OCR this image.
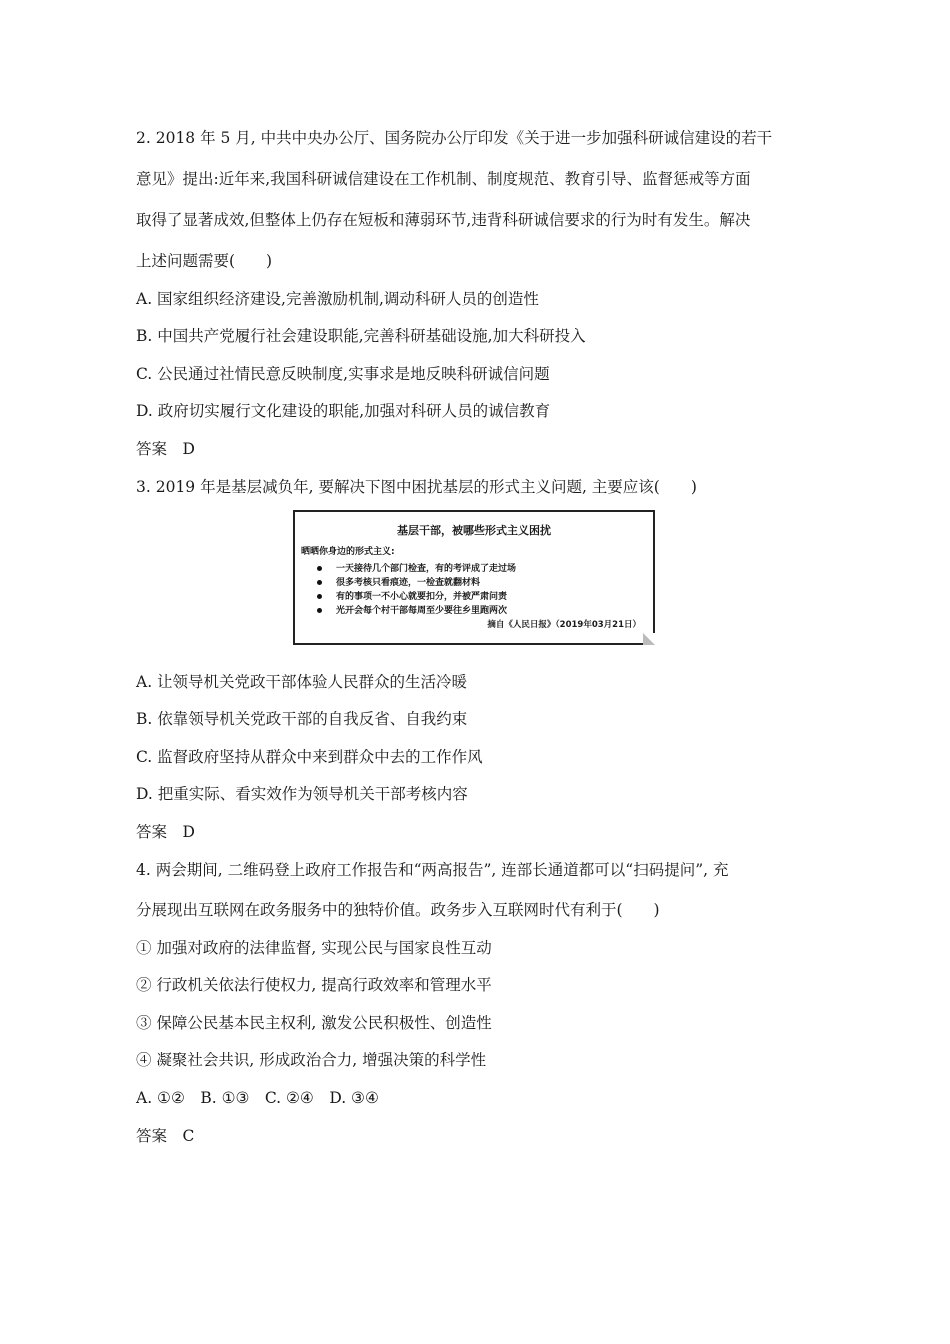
2. 2018 年 5 月, 中共中央办公厅、国务院办公厅印发《关于进一步加强科研诚信建设的若干
意见》提出:近年来,我国科研诚信建设在工作机制、制度规范、教育引导、监督惩戒等方面
取得了显著成效,但整体上仍存在短板和薄弱环节,违背科研诚信要求的行为时有发生。解决
上述问题需要(　　)
A. 国家组织经济建设,完善激励机制,调动科研人员的创造性
B. 中国共产党履行社会建设职能,完善科研基础设施,加大科研投入
C. 公民通过社情民意反映制度,实事求是地反映科研诚信问题
D. 政府切实履行文化建设的职能,加强对科研人员的诚信教育
答案　D
3. 2019 年是基层减负年, 要解决下图中困扰基层的形式主义问题, 主要应该(　　)
基层干部，被哪些形式主义困扰
晒晒你身边的形式主义:
一天接待几个部门检查，有的考评成了走过场
很多考核只看痕迹，一检查就翻材料
有的事项一不小心就要扣分，并被严肃问责
光开会每个村干部每周至少要往乡里跑两次
摘自《人民日报》（2019年03月21日）
A. 让领导机关党政干部体验人民群众的生活冷暖
B. 依靠领导机关党政干部的自我反省、自我约束
C. 监督政府坚持从群众中来到群众中去的工作作风
D. 把重实际、看实效作为领导机关干部考核内容
答案　D
4. 两会期间, 二维码登上政府工作报告和“两高报告”, 连部长通道都可以“扫码提问”, 充
分展现出互联网在政务服务中的独特价值。政务步入互联网时代有利于(　　)
① 加强对政府的法律监督, 实现公民与国家良性互动
② 行政机关依法行使权力, 提高行政效率和管理水平
③ 保障公民基本民主权利, 激发公民积极性、创造性
④ 凝聚社会共识, 形成政治合力, 增强决策的科学性
A. ①②　B. ①③　C. ②④　D. ③④
答案　C
